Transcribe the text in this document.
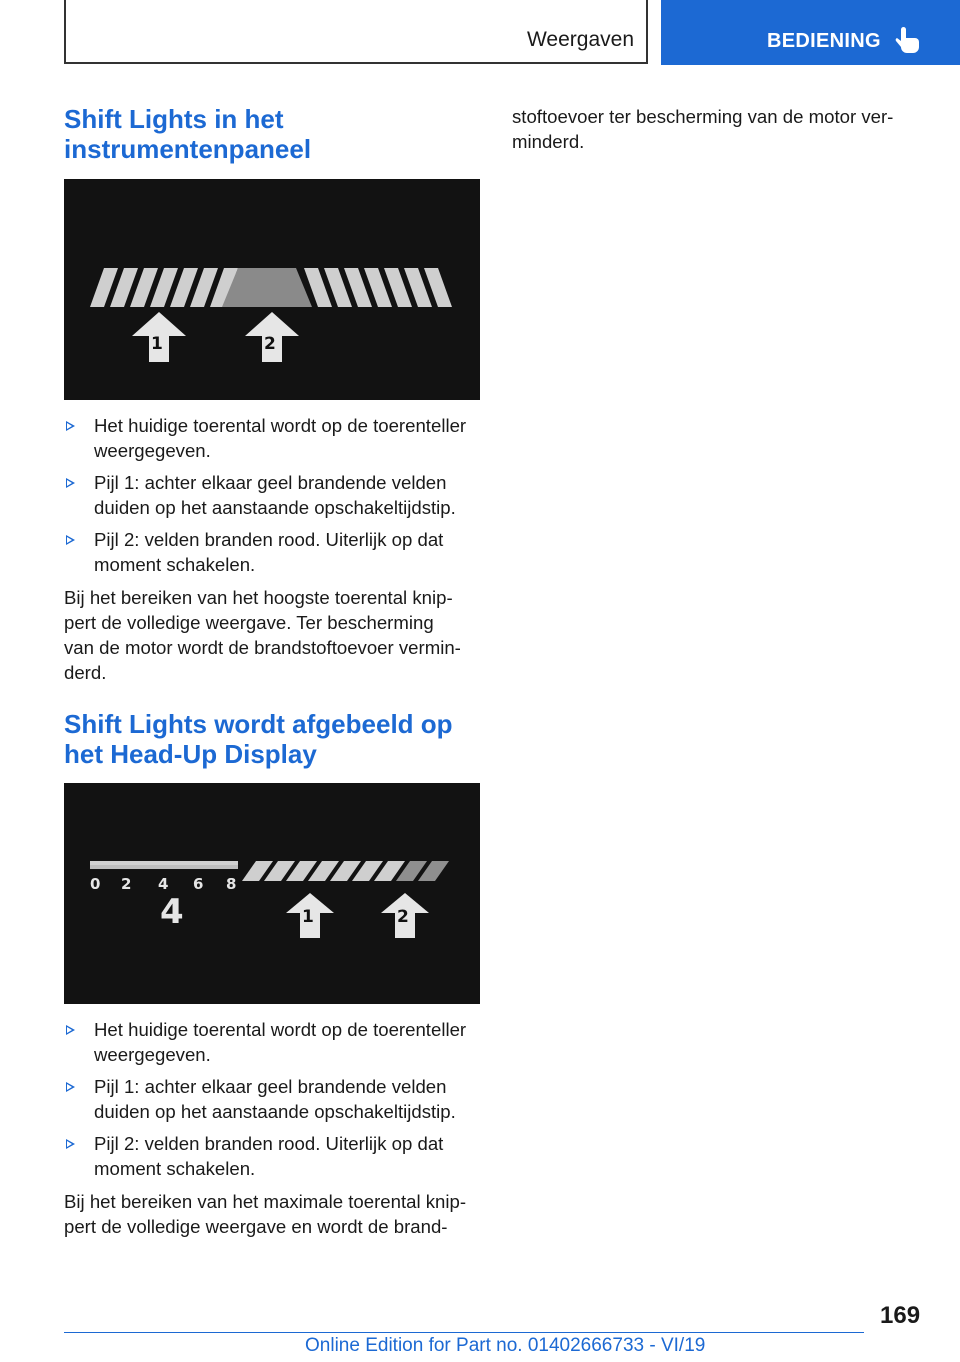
Weergaven	BEDIENING
Shift Lights in het
instrumentenpaneel
1	2
Het huidige toerental wordt op de toerenteller
weergegeven.
Pijl 1: achter elkaar geel brandende velden
duiden op het aanstaande opschakeltijdstip.
Pijl 2: velden branden rood. Uiterlijk op dat
moment schakelen.

Bij het bereiken van het hoogste toerental knip‐
pert de volledige weergave. Ter bescherming
van de motor wordt de brandstoftoevoer vermin‐
derd.

Shift Lights wordt afgebeeld op
het Head-Up Display
0 2 4 6 8
4	1	2
Het huidige toerental wordt op de toerenteller
weergegeven.
Pijl 1: achter elkaar geel brandende velden
duiden op het aanstaande opschakeltijdstip.
Pijl 2: velden branden rood. Uiterlijk op dat
moment schakelen.

Bij het bereiken van het maximale toerental knip‐
pert de volledige weergave en wordt de brand‐

stoftoevoer ter bescherming van de motor ver‐
minderd.

169
Online Edition for Part no. 01402666733 - VI/19
